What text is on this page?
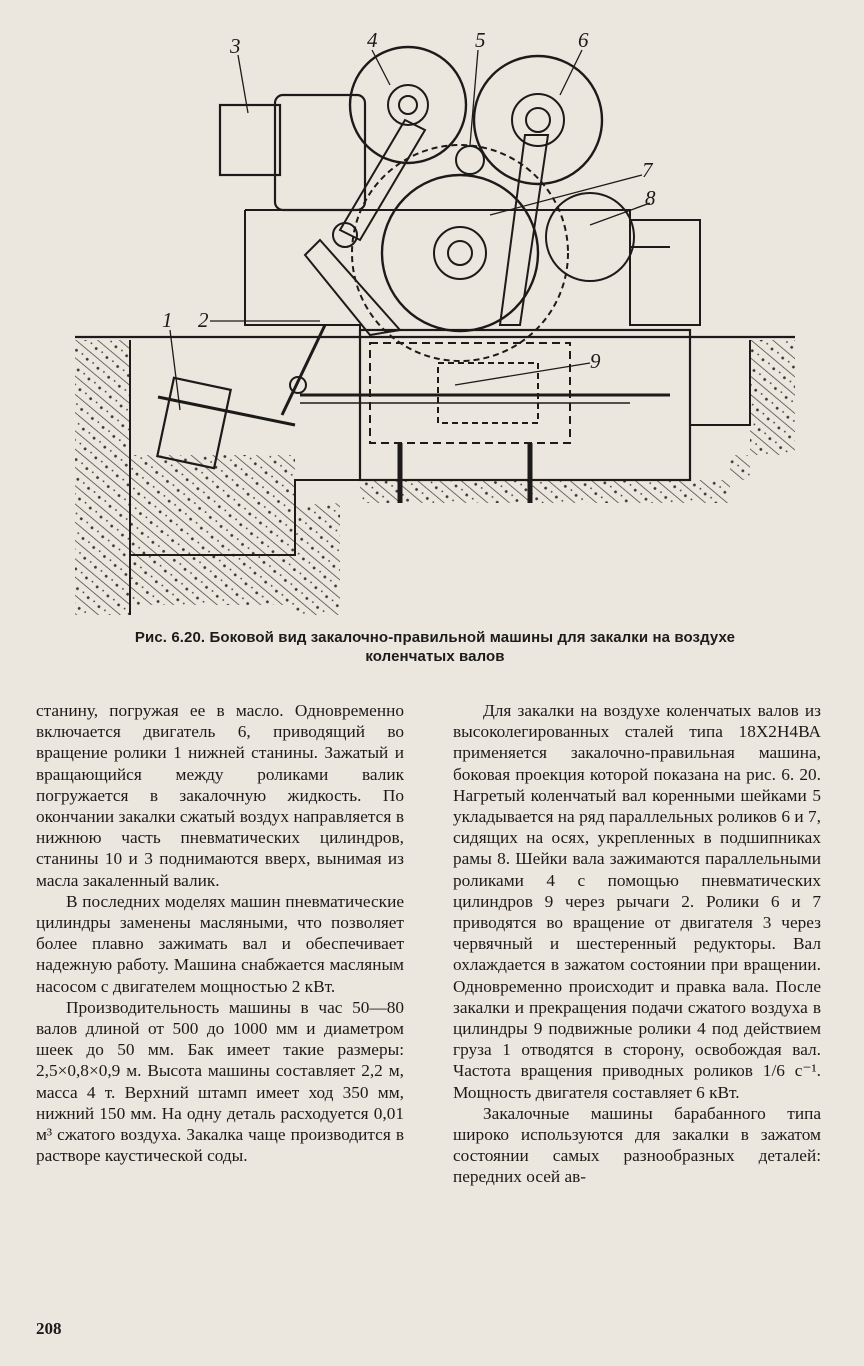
3	4	5	6
7
8
1 2
9
Рис. 6.20. Боковой вид закалочно-правильной машины для закалки на воздухе коленчатых валов

станину, погружая ее в масло. Одновременно включается двигатель 6, приводящий во вращение ролики 1 нижней станины. Зажатый и вращающийся между роликами валик погружается в закалочную жидкость. По окончании закалки сжатый воздух направляется в нижнюю часть пневматических цилиндров, станины 10 и 3 поднимаются вверх, вынимая из масла закаленный валик.

В последних моделях машин пневматические цилиндры заменены масляными, что позволяет более плавно зажимать вал и обеспечивает надежную работу. Машина снабжается масляным насосом с двигателем мощностью 2 кВт.

Производительность машины в час 50—80 валов длиной от 500 до 1000 мм и диаметром шеек до 50 мм. Бак имеет такие размеры: 2,5×0,8×0,9 м. Высота машины составляет 2,2 м, масса 4 т. Верхний штамп имеет ход 350 мм, нижний 150 мм. На одну деталь расходуется 0,01 м³ сжатого воздуха. Закалка чаще производится в растворе каустической соды.

Для закалки на воздухе коленчатых валов из высоколегированных сталей типа 18Х2Н4ВА применяется закалочно-правильная машина, боковая проекция которой показана на рис. 6. 20. Нагретый коленчатый вал коренными шейками 5 укладывается на ряд параллельных роликов 6 и 7, сидящих на осях, укрепленных в подшипниках рамы 8. Шейки вала зажимаются параллельными роликами 4 с помощью пневматических цилиндров 9 через рычаги 2. Ролики 6 и 7 приводятся во вращение от двигателя 3 через червячный и шестеренный редукторы. Вал охлаждается в зажатом состоянии при вращении. Одновременно происходит и правка вала. После закалки и прекращения подачи сжатого воздуха в цилиндры 9 подвижные ролики 4 под действием груза 1 отводятся в сторону, освобождая вал. Частота вращения приводных роликов 1/6 с⁻¹. Мощность двигателя составляет 6 кВт.

Закалочные машины барабанного типа широко используются для закалки в зажатом состоянии самых разнообразных деталей: передних осей ав-

208
